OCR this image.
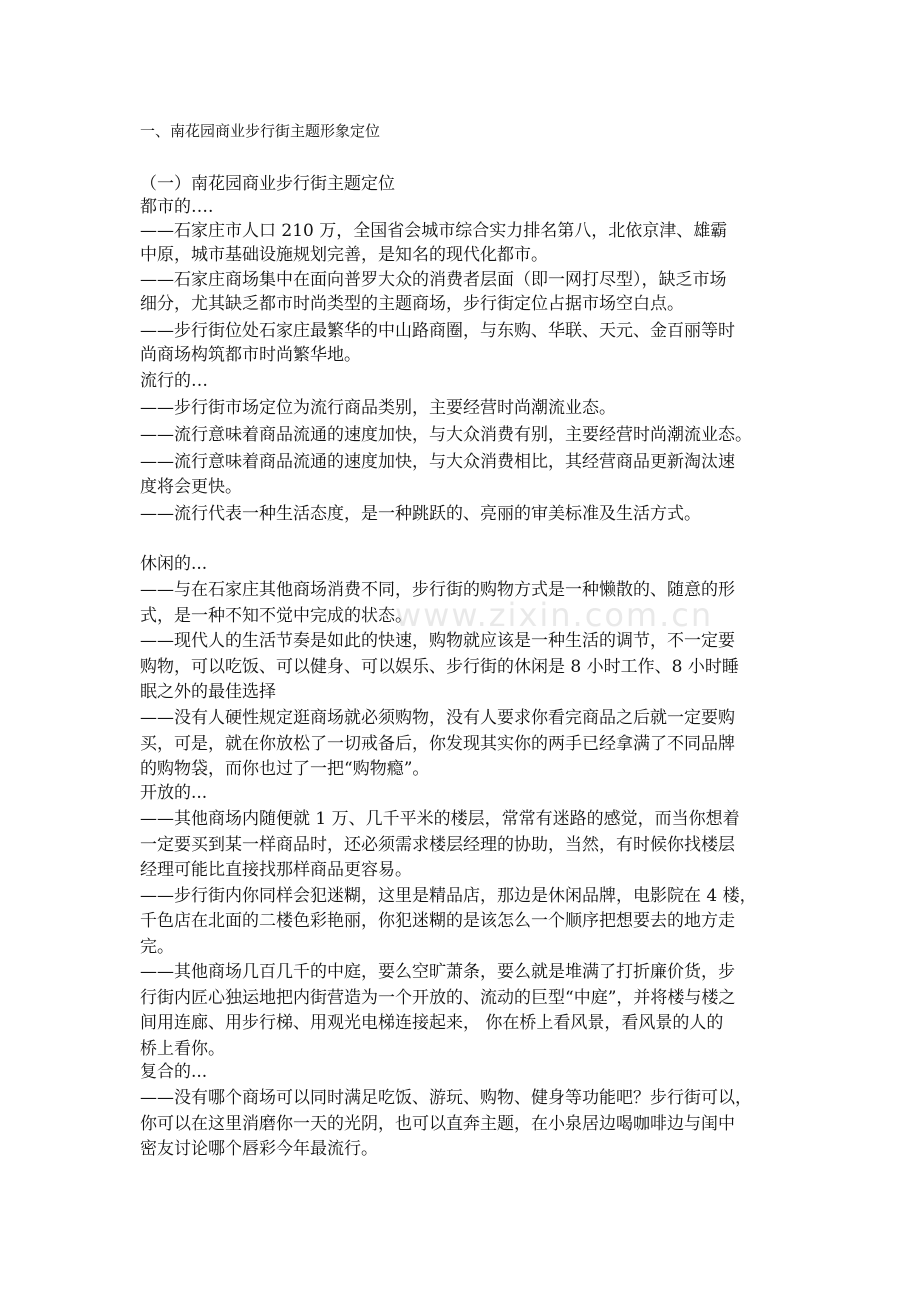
www.zixin.com.cn
一、南花园商业步行街主题形象定位
（一）南花园商业步行街主题定位
都市的….
——石家庄市人口 210 万，全国省会城市综合实力排名第八，北依京津、雄霸
中原，城市基础设施规划完善，是知名的现代化都市。
——石家庄商场集中在面向普罗大众的消费者层面（即一网打尽型），缺乏市场
细分，尤其缺乏都市时尚类型的主题商场，步行街定位占据市场空白点。
——步行街位处石家庄最繁华的中山路商圈，与东购、华联、天元、金百丽等时
尚商场构筑都市时尚繁华地。
流行的…
——步行街市场定位为流行商品类别，主要经营时尚潮流业态。
——流行意味着商品流通的速度加快，与大众消费有别，主要经营时尚潮流业态。
——流行意味着商品流通的速度加快，与大众消费相比，其经营商品更新淘汰速
度将会更快。
——流行代表一种生活态度，是一种跳跃的、亮丽的审美标准及生活方式。
休闲的...
——与在石家庄其他商场消费不同，步行街的购物方式是一种懒散的、随意的形
式，是一种不知不觉中完成的状态。
——现代人的生活节奏是如此的快速，购物就应该是一种生活的调节，不一定要
购物，可以吃饭、可以健身、可以娱乐、步行街的休闲是 8 小时工作、8 小时睡
眠之外的最佳选择
——没有人硬性规定逛商场就必须购物，没有人要求你看完商品之后就一定要购
买，可是，就在你放松了一切戒备后，你发现其实你的两手已经拿满了不同品牌
的购物袋，而你也过了一把“购物瘾”。
开放的...
——其他商场内随便就 1 万、几千平米的楼层，常常有迷路的感觉，而当你想着
一定要买到某一样商品时，还必须需求楼层经理的协助，当然，有时候你找楼层
经理可能比直接找那样商品更容易。
——步行街内你同样会犯迷糊，这里是精品店，那边是休闲品牌，电影院在 4 楼，
千色店在北面的二楼色彩艳丽，你犯迷糊的是该怎么一个顺序把想要去的地方走
完。
——其他商场几百几千的中庭，要么空旷萧条，要么就是堆满了打折廉价货，步
行街内匠心独运地把内街营造为一个开放的、流动的巨型“中庭”，并将楼与楼之
间用连廊、用步行梯、用观光电梯连接起来， 你在桥上看风景，看风景的人的
桥上看你。
复合的...
——没有哪个商场可以同时满足吃饭、游玩、购物、健身等功能吧？步行街可以，
你可以在这里消磨你一天的光阴，也可以直奔主题，在小泉居边喝咖啡边与闺中
密友讨论哪个唇彩今年最流行。
